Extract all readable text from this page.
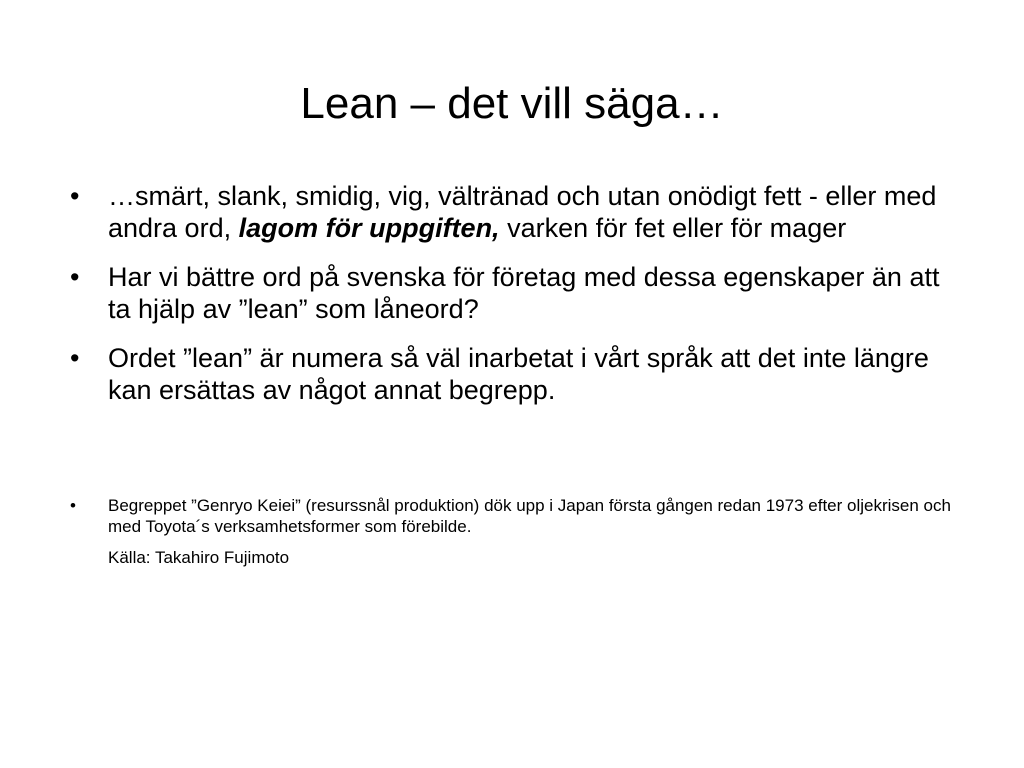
Lean – det vill säga…
•	…smärt, slank, smidig, vig, vältränad och utan onödigt fett - eller med andra ord, lagom för uppgiften, varken för fet eller för mager
•	Har vi bättre ord på svenska för företag med dessa egenskaper än att ta hjälp av ”lean” som låneord?
•	Ordet ”lean” är numera så väl inarbetat i vårt språk att det inte längre kan ersättas av något annat begrepp.
•	Begreppet ”Genryo Keiei” (resurssnål produktion) dök upp i Japan första gången redan 1973 efter oljekrisen och med Toyota´s verksamhetsformer som förebilde.
Källa: Takahiro Fujimoto
